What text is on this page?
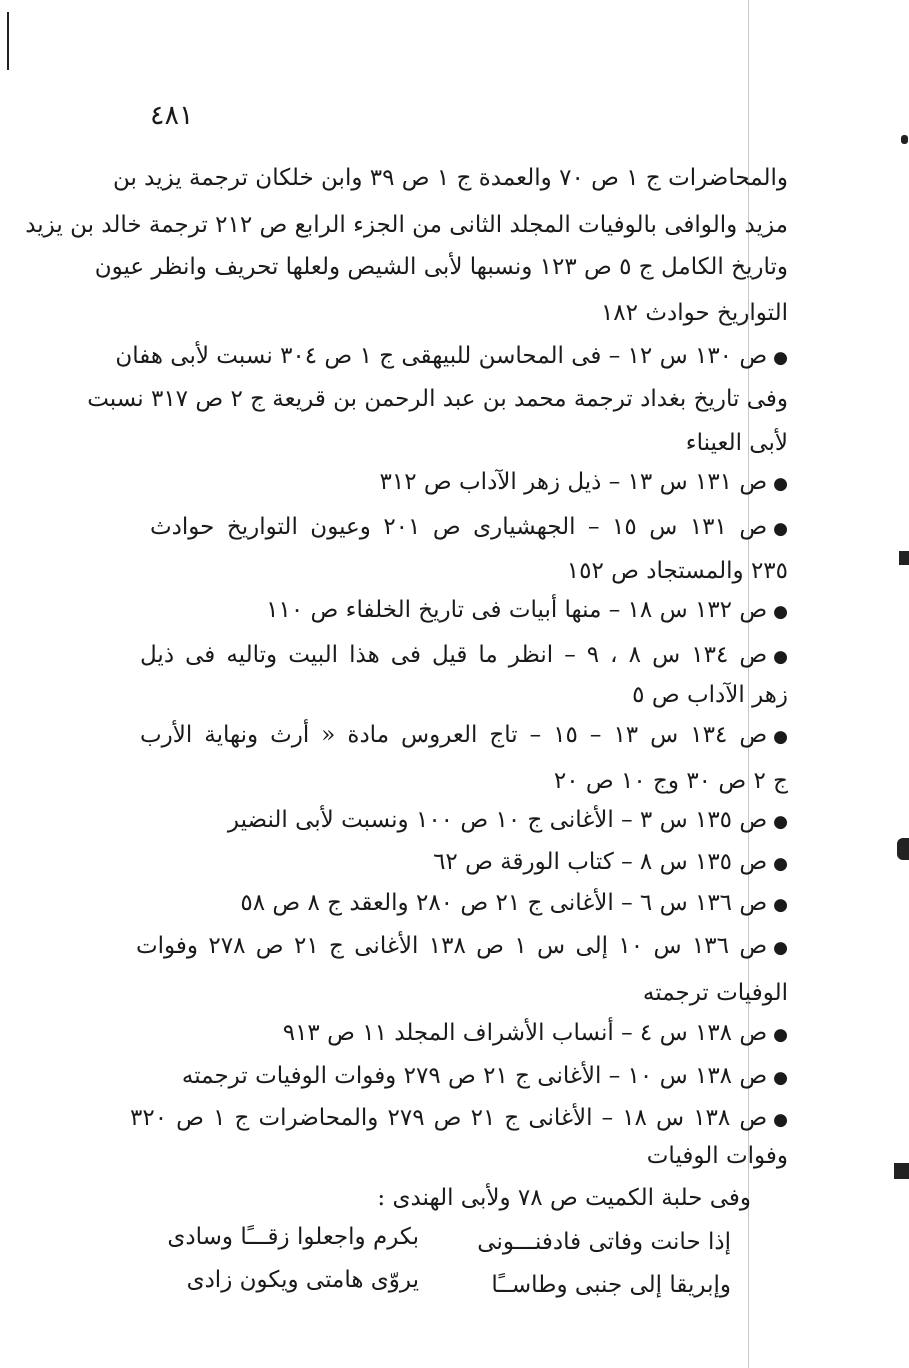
٤٨١
والمحاضرات ج ١ ص ٧٠ والعمدة ج ١ ص ٣٩ وابن خلكان ترجمة يزيد بن
مزيد والوافى بالوفيات المجلد الثانى من الجزء الرابع ص ٢١٢ ترجمة خالد بن يزيد
وتاريخ الكامل ج ٥ ص ١٢٣ ونسبها لأبى الشيص ولعلها تحريف وانظر عيون
التواريخ حوادث ١٨٢
●ص ١٣٠ س ١٢ – فى المحاسن للبيهقى ج ١ ص ٣٠٤ نسبت لأبى هفان
وفى تاريخ بغداد ترجمة محمد بن عبد الرحمن بن قريعة ج ٢ ص ٣١٧ نسبت
لأبى العيناء
●ص ١٣١ س ١٣ – ذيل زهر الآداب ص ٣١٢
●ص ١٣١ س ١٥ – الجهشيارى ص ٢٠١ وعيون التواريخ حوادث
٢٣٥ والمستجاد ص ١٥٢
●ص ١٣٢ س ١٨ – منها أبيات فى تاريخ الخلفاء ص ١١٠
●ص ١٣٤ س ٨ ، ٩ – انظر ما قيل فى هذا البيت وتاليه فى ذيل
زهر الآداب ص ٥
●ص ١٣٤ س ١٣ – ١٥ – تاج العروس مادة « أرث ونهاية الأرب
ج ٢ ص ٣٠ وج ١٠ ص ٢٠
●ص ١٣٥ س ٣ – الأغانى ج ١٠ ص ١٠٠ ونسبت لأبى النضير
●ص ١٣٥ س ٨ – كتاب الورقة ص ٦٢
●ص ١٣٦ س ٦ – الأغانى ج ٢١ ص ٢٨٠ والعقد ج ٨ ص ٥٨
●ص ١٣٦ س ١٠ إلى س ١ ص ١٣٨ الأغانى ج ٢١ ص ٢٧٨ وفوات
الوفيات ترجمته
●ص ١٣٨ س ٤ – أنساب الأشراف المجلد ١١ ص ٩١٣
●ص ١٣٨ س ١٠ – الأغانى ج ٢١ ص ٢٧٩ وفوات الوفيات ترجمته
●ص ١٣٨ س ١٨ – الأغانى ج ٢١ ص ٢٧٩ والمحاضرات ج ١ ص ٣٢٠
وفوات الوفيات
وفى حلبة الكميت ص ٧٨ ولأبى الهندى :
إذا حانت وفاتى فادفنـــونى
بكرم واجعلوا زقـــًا وسادى
وإبريقا إلى جنبى وطاســًا
يروّى هامتى ويكون زادى
